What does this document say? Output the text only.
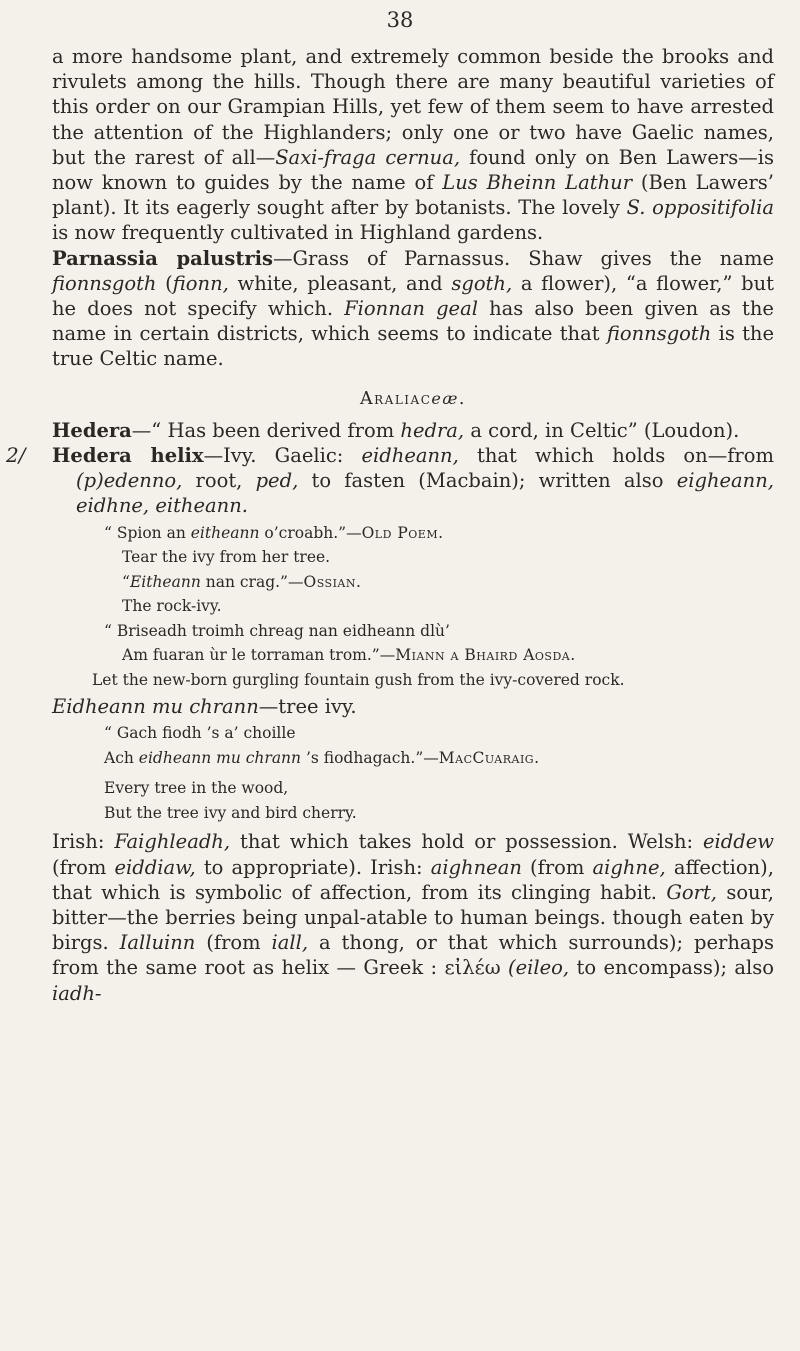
38

a more handsome plant, and extremely common beside the brooks and rivulets among the hills. Though there are many beautiful varieties of this order on our Grampian Hills, yet few of them seem to have arrested the attention of the Highlanders; only one or two have Gaelic names, but the rarest of all—Saxi-fraga cernua, found only on Ben Lawers—is now known to guides by the name of Lus Bheinn Lathur (Ben Lawers’ plant). It its eagerly sought after by botanists. The lovely S. oppositifolia is now frequently cultivated in Highland gardens.

Parnassia palustris—Grass of Parnassus. Shaw gives the name fionnsgoth (fionn, white, pleasant, and sgoth, a flower), “a flower,” but he does not specify which. Fionnan geal has also been given as the name in certain districts, which seems to indicate that fionnsgoth is the true Celtic name.

Araliaceæ.

Hedera—“ Has been derived from hedra, a cord, in Celtic” (Loudon).

2/ Hedera helix—Ivy. Gaelic: eidheann, that which holds on—from (p)edenno, root, ped, to fasten (Macbain); written also eigheann, eidhne, eitheann.

“ Spion an eitheann o’croabh.”—Old Poem.

Tear the ivy from her tree.

“Eitheann nan crag.”—Ossian.

The rock-ivy.

“ Briseadh troimh chreag nan eidheann dlù’

Am fuaran ùr le torraman trom.”—Miann a Bhaird Aosda.

Let the new-born gurgling fountain gush from the ivy-covered rock.

Eidheann mu chrann—tree ivy.

“ Gach fiodh ’s a’ choille

Ach eidheann mu chrann ’s fiodhagach.”—MacCuaraig.

Every tree in the wood,

But the tree ivy and bird cherry.

Irish: Faighleadh, that which takes hold or possession. Welsh: eiddew (from eiddiaw, to appropriate). Irish: aighnean (from aighne, affection), that which is symbolic of affection, from its clinging habit. Gort, sour, bitter—the berries being unpal-atable to human beings. though eaten by birgs. Ialluinn (from iall, a thong, or that which surrounds); perhaps from the same root as helix — Greek : εἰλέω (eileo, to encompass); also iadh-
